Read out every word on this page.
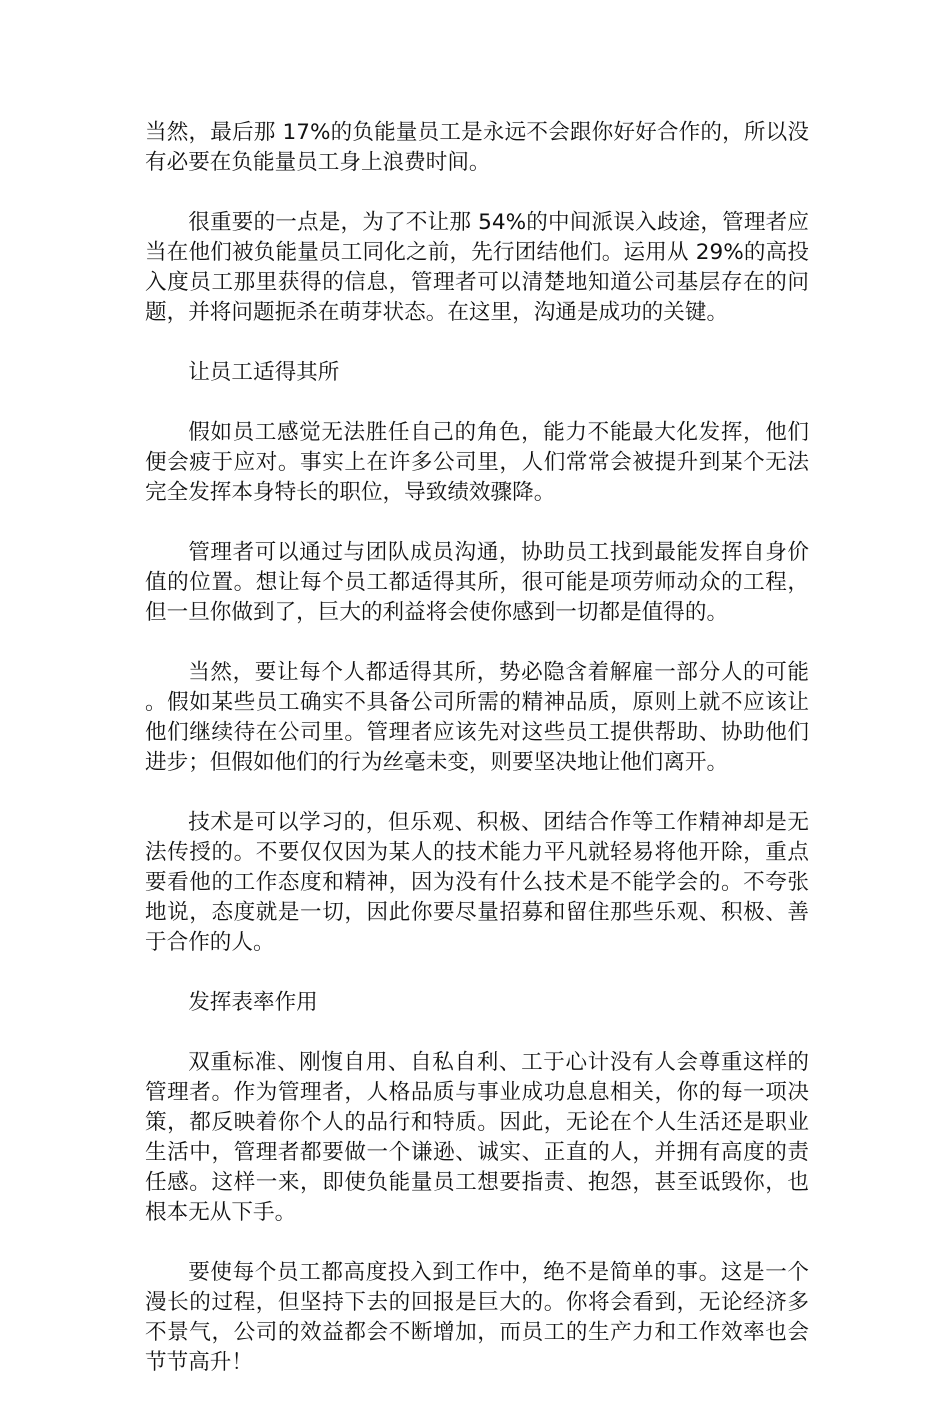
当然，最后那 17%的负能量员工是永远不会跟你好好合作的，所以没有必要在负能量员工身上浪费时间。

很重要的一点是，为了不让那 54%的中间派误入歧途，管理者应当在他们被负能量员工同化之前，先行团结他们。运用从 29%的高投入度员工那里获得的信息，管理者可以清楚地知道公司基层存在的问题，并将问题扼杀在萌芽状态。在这里，沟通是成功的关键。

让员工适得其所

假如员工感觉无法胜任自己的角色，能力不能最大化发挥，他们便会疲于应对。事实上在许多公司里，人们常常会被提升到某个无法完全发挥本身特长的职位，导致绩效骤降。

管理者可以通过与团队成员沟通，协助员工找到最能发挥自身价值的位置。想让每个员工都适得其所，很可能是项劳师动众的工程，但一旦你做到了，巨大的利益将会使你感到一切都是值得的。

当然，要让每个人都适得其所，势必隐含着解雇一部分人的可能。假如某些员工确实不具备公司所需的精神品质，原则上就不应该让他们继续待在公司里。管理者应该先对这些员工提供帮助、协助他们进步；但假如他们的行为丝毫未变，则要坚决地让他们离开。

技术是可以学习的，但乐观、积极、团结合作等工作精神却是无法传授的。不要仅仅因为某人的技术能力平凡就轻易将他开除，重点要看他的工作态度和精神，因为没有什么技术是不能学会的。不夸张地说，态度就是一切，因此你要尽量招募和留住那些乐观、积极、善于合作的人。

发挥表率作用

双重标准、刚愎自用、自私自利、工于心计没有人会尊重这样的管理者。作为管理者，人格品质与事业成功息息相关，你的每一项决策，都反映着你个人的品行和特质。因此，无论在个人生活还是职业生活中，管理者都要做一个谦逊、诚实、正直的人，并拥有高度的责任感。这样一来，即使负能量员工想要指责、抱怨，甚至诋毁你，也根本无从下手。

要使每个员工都高度投入到工作中，绝不是简单的事。这是一个漫长的过程，但坚持下去的回报是巨大的。你将会看到，无论经济多不景气，公司的效益都会不断增加，而员工的生产力和工作效率也会节节高升！
